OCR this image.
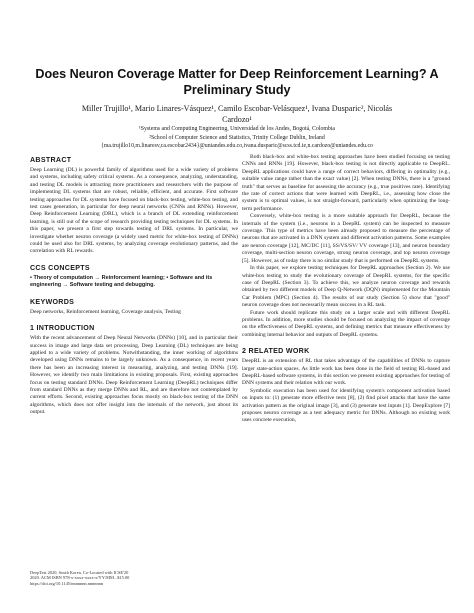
Does Neuron Coverage Matter for Deep Reinforcement Learning? A Preliminary Study
Miller Trujillo¹, Mario Linares-Vásquez¹, Camilo Escobar-Velásquez¹, Ivana Dusparic², Nicolás
Cardozo¹
¹Systems and Computing Engineering, Universidad de los Andes, Bogotá, Colombia
²School of Computer Science and Statistics, Trinity College Dublin, Ireland
{ma.trujillo10,m.linaresv,ca.escobar2434}@uniandes.edu.co,ivana.dusparic@scss.tcd.ie,n.cardozo@uniandes.edu.co
ABSTRACT
Deep Learning (DL) is powerful family of algorithms used for a wide variety of problems and systems, including safety critical systems. As a consequence, analyzing, understanding, and testing DL models is attracting more practitioners and researchers with the purpose of implementing DL systems that are robust, reliable, efficient, and accurate. First software testing approaches for DL systems have focused on black-box testing, white-box testing, and test cases generation, in particular for deep neural networks (CNNs and RNNs). However, Deep Reinforcement Learning (DRL), which is a branch of DL extending reinforcement learning, is still out of the scope of research providing testing techniques for DL systems. In this paper, we present a first step towards testing of DRL systems. In particular, we investigate whether neuron coverage (a widely used metric for white-box testing of DNNs) could be used also for DRL systems, by analyzing coverage evolutionary patterns, and the correlation with RL rewards.
CCS CONCEPTS
• Theory of computation → Reinforcement learning; • Software and its engineering → Software testing and debugging.
KEYWORDS
Deep networks, Reinforcement learning, Coverage analysis, Testing
1 INTRODUCTION
With the recent advancement of Deep Neural Networks (DNNs) [10], and in particular their success in image and large data set processing, Deep Learning (DL) techniques are being applied to a wide variety of problems. Notwithstanding, the inner working of algorithms developed using DNNs remains to be largely unknown. As a consequence, in recent years there has been an increasing interest in measuring, analyzing, and testing DNNs [19]. However, we identify two main limitations in existing proposals. First, existing approaches focus on testing standard DNNs. Deep Reinforcement Learning (DeepRL) techniques differ from standard DNNs as they merge DNNs and RL, and are therefore not contemplated by current efforts. Second, existing approaches focus mostly on black-box testing of the DNN algorithms, which does not offer insight into the internals of the network, just about its output.
DeepTest 2020, South Korea, Co-Located with ICSE'20
2020. ACM ISBN 978-x-xxxx-xxxx-x/YY/MM...$15.00
https://doi.org/10.1145/nnnnnnn.nnnnnnn
Both black-box and white-box testing approaches have been studied focusing on testing CNNs and RNNs [19]. However, black-box testing is not directly applicable to DeepRL. DeepRL applications could have a range of correct behaviors, differing in optimality (e.g., suitable value range rather than the exact value) [2]. When testing DNNs, there is a "ground truth" that serves as baseline for assessing the accuracy (e.g., true positives rate). Identifying the rate of correct actions that were learned with DeepRL, i.e., assessing how close the system is to optimal values, is not straight-forward, particularly when optimizing the long-term performance.
Conversely, white-box testing is a more suitable approach for DeepRL, because the internals of the system (i.e., neurons in a DeepRL system) can be inspected to measure coverage. This type of metrics have been already proposed to measure the percentage of neurons that are activated in a DNN system and different activation patterns. Some examples are neuron coverage [12], MC/DC [11], SS/VS/SV/ VV coverage [13], and neuron boundary coverage, multi-section neuron coverage, strong neuron coverage, and top neuron coverage [5]. However, as of today there is no similar study that is performed on DeepRL systems.
In this paper, we explore testing techniques for DeepRL approaches (Section 2). We use white-box testing to study the evolutionary coverage of DeepRL systems, for the specific case of DeepRL (Section 3). To achieve this, we analyze neuron coverage and rewards obtained by two different models of Deep Q-Network (DQN) implemented for the Mountain Car Problem (MPC) (Section 4). The results of our study (Section 5) show that "good" neuron coverage does not necessarily mean success in a RL task.
Future work should replicate this study on a larger scale and with different DeepRL problems. In addition, more studies should be focused on analyzing the impact of coverage on the effectiveness of DeepRL systems, and defining metrics that measure effectiveness by combining internal behavior and outputs of DeepRL systems.
2 RELATED WORK
DeepRL is an extension of RL that takes advantage of the capabilities of DNNs to capture larger state-action spaces. As little work has been done in the field of testing RL-based and DeepRL-based software systems, in this section we present existing approaches for testing of DNN systems and their relation with our work.
Symbolic execution has been used for identifying system's component activation based on inputs to: (1) generate more effective tests [8], (2) find pixel attacks that have the same activation pattern as the original image [3], and (3) generate test inputs [1]. DeepExplore [7] proposes neuron coverage as a test adequacy metric for DNNs. Although no existing work uses concrete execution,
